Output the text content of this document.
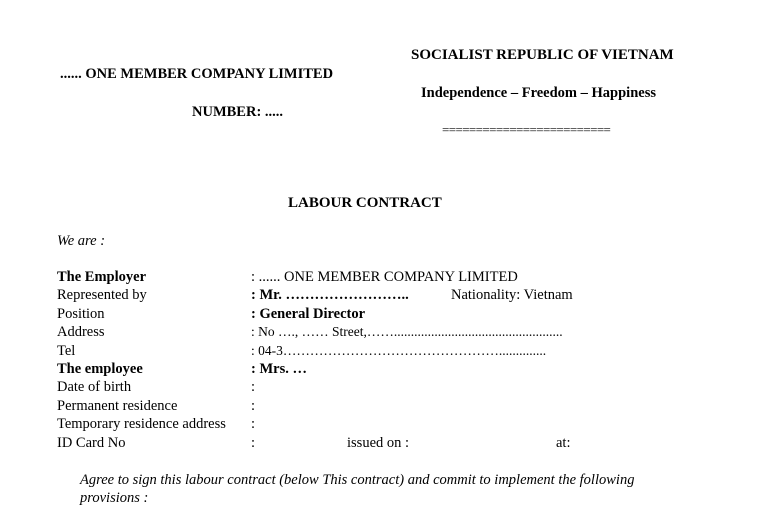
...... ONE MEMBER COMPANY LIMITED
NUMBER: .....
SOCIALIST REPUBLIC OF VIETNAM
Independence – Freedom – Happiness
=========================
LABOUR CONTRACT
We are :
The Employer	: ...... ONE MEMBER COMPANY LIMITED
Represented by	: Mr. ……………………..	Nationality: Vietnam
Position	: General Director
Address	: No …., …… Street,……..................................................
Tel	: 04-3…………………………………………..............
The employee	: Mrs. …
Date of birth	:
Permanent residence	:
Temporary residence address :
ID Card No	:	issued on :	at:
Agree to sign this labour contract (below This contract) and commit to implement the following
provisions :
